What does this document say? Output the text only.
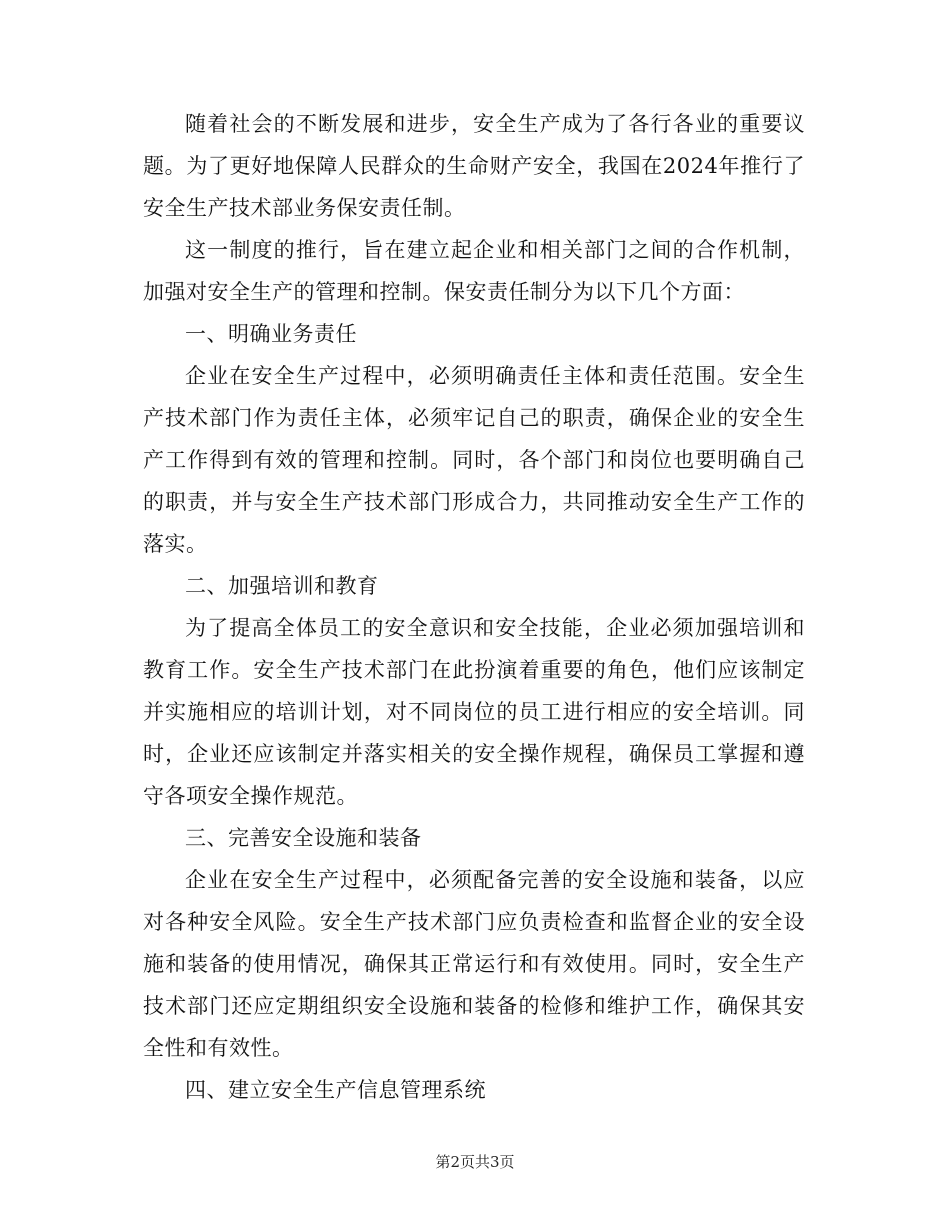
随着社会的不断发展和进步，安全生产成为了各行各业的重要议题。为了更好地保障人民群众的生命财产安全，我国在2024年推行了安全生产技术部业务保安责任制。

这一制度的推行，旨在建立起企业和相关部门之间的合作机制，加强对安全生产的管理和控制。保安责任制分为以下几个方面：

一、明确业务责任

企业在安全生产过程中，必须明确责任主体和责任范围。安全生产技术部门作为责任主体，必须牢记自己的职责，确保企业的安全生产工作得到有效的管理和控制。同时，各个部门和岗位也要明确自己的职责，并与安全生产技术部门形成合力，共同推动安全生产工作的落实。

二、加强培训和教育

为了提高全体员工的安全意识和安全技能，企业必须加强培训和教育工作。安全生产技术部门在此扮演着重要的角色，他们应该制定并实施相应的培训计划，对不同岗位的员工进行相应的安全培训。同时，企业还应该制定并落实相关的安全操作规程，确保员工掌握和遵守各项安全操作规范。

三、完善安全设施和装备

企业在安全生产过程中，必须配备完善的安全设施和装备，以应对各种安全风险。安全生产技术部门应负责检查和监督企业的安全设施和装备的使用情况，确保其正常运行和有效使用。同时，安全生产技术部门还应定期组织安全设施和装备的检修和维护工作，确保其安全性和有效性。

四、建立安全生产信息管理系统

第2页共3页
